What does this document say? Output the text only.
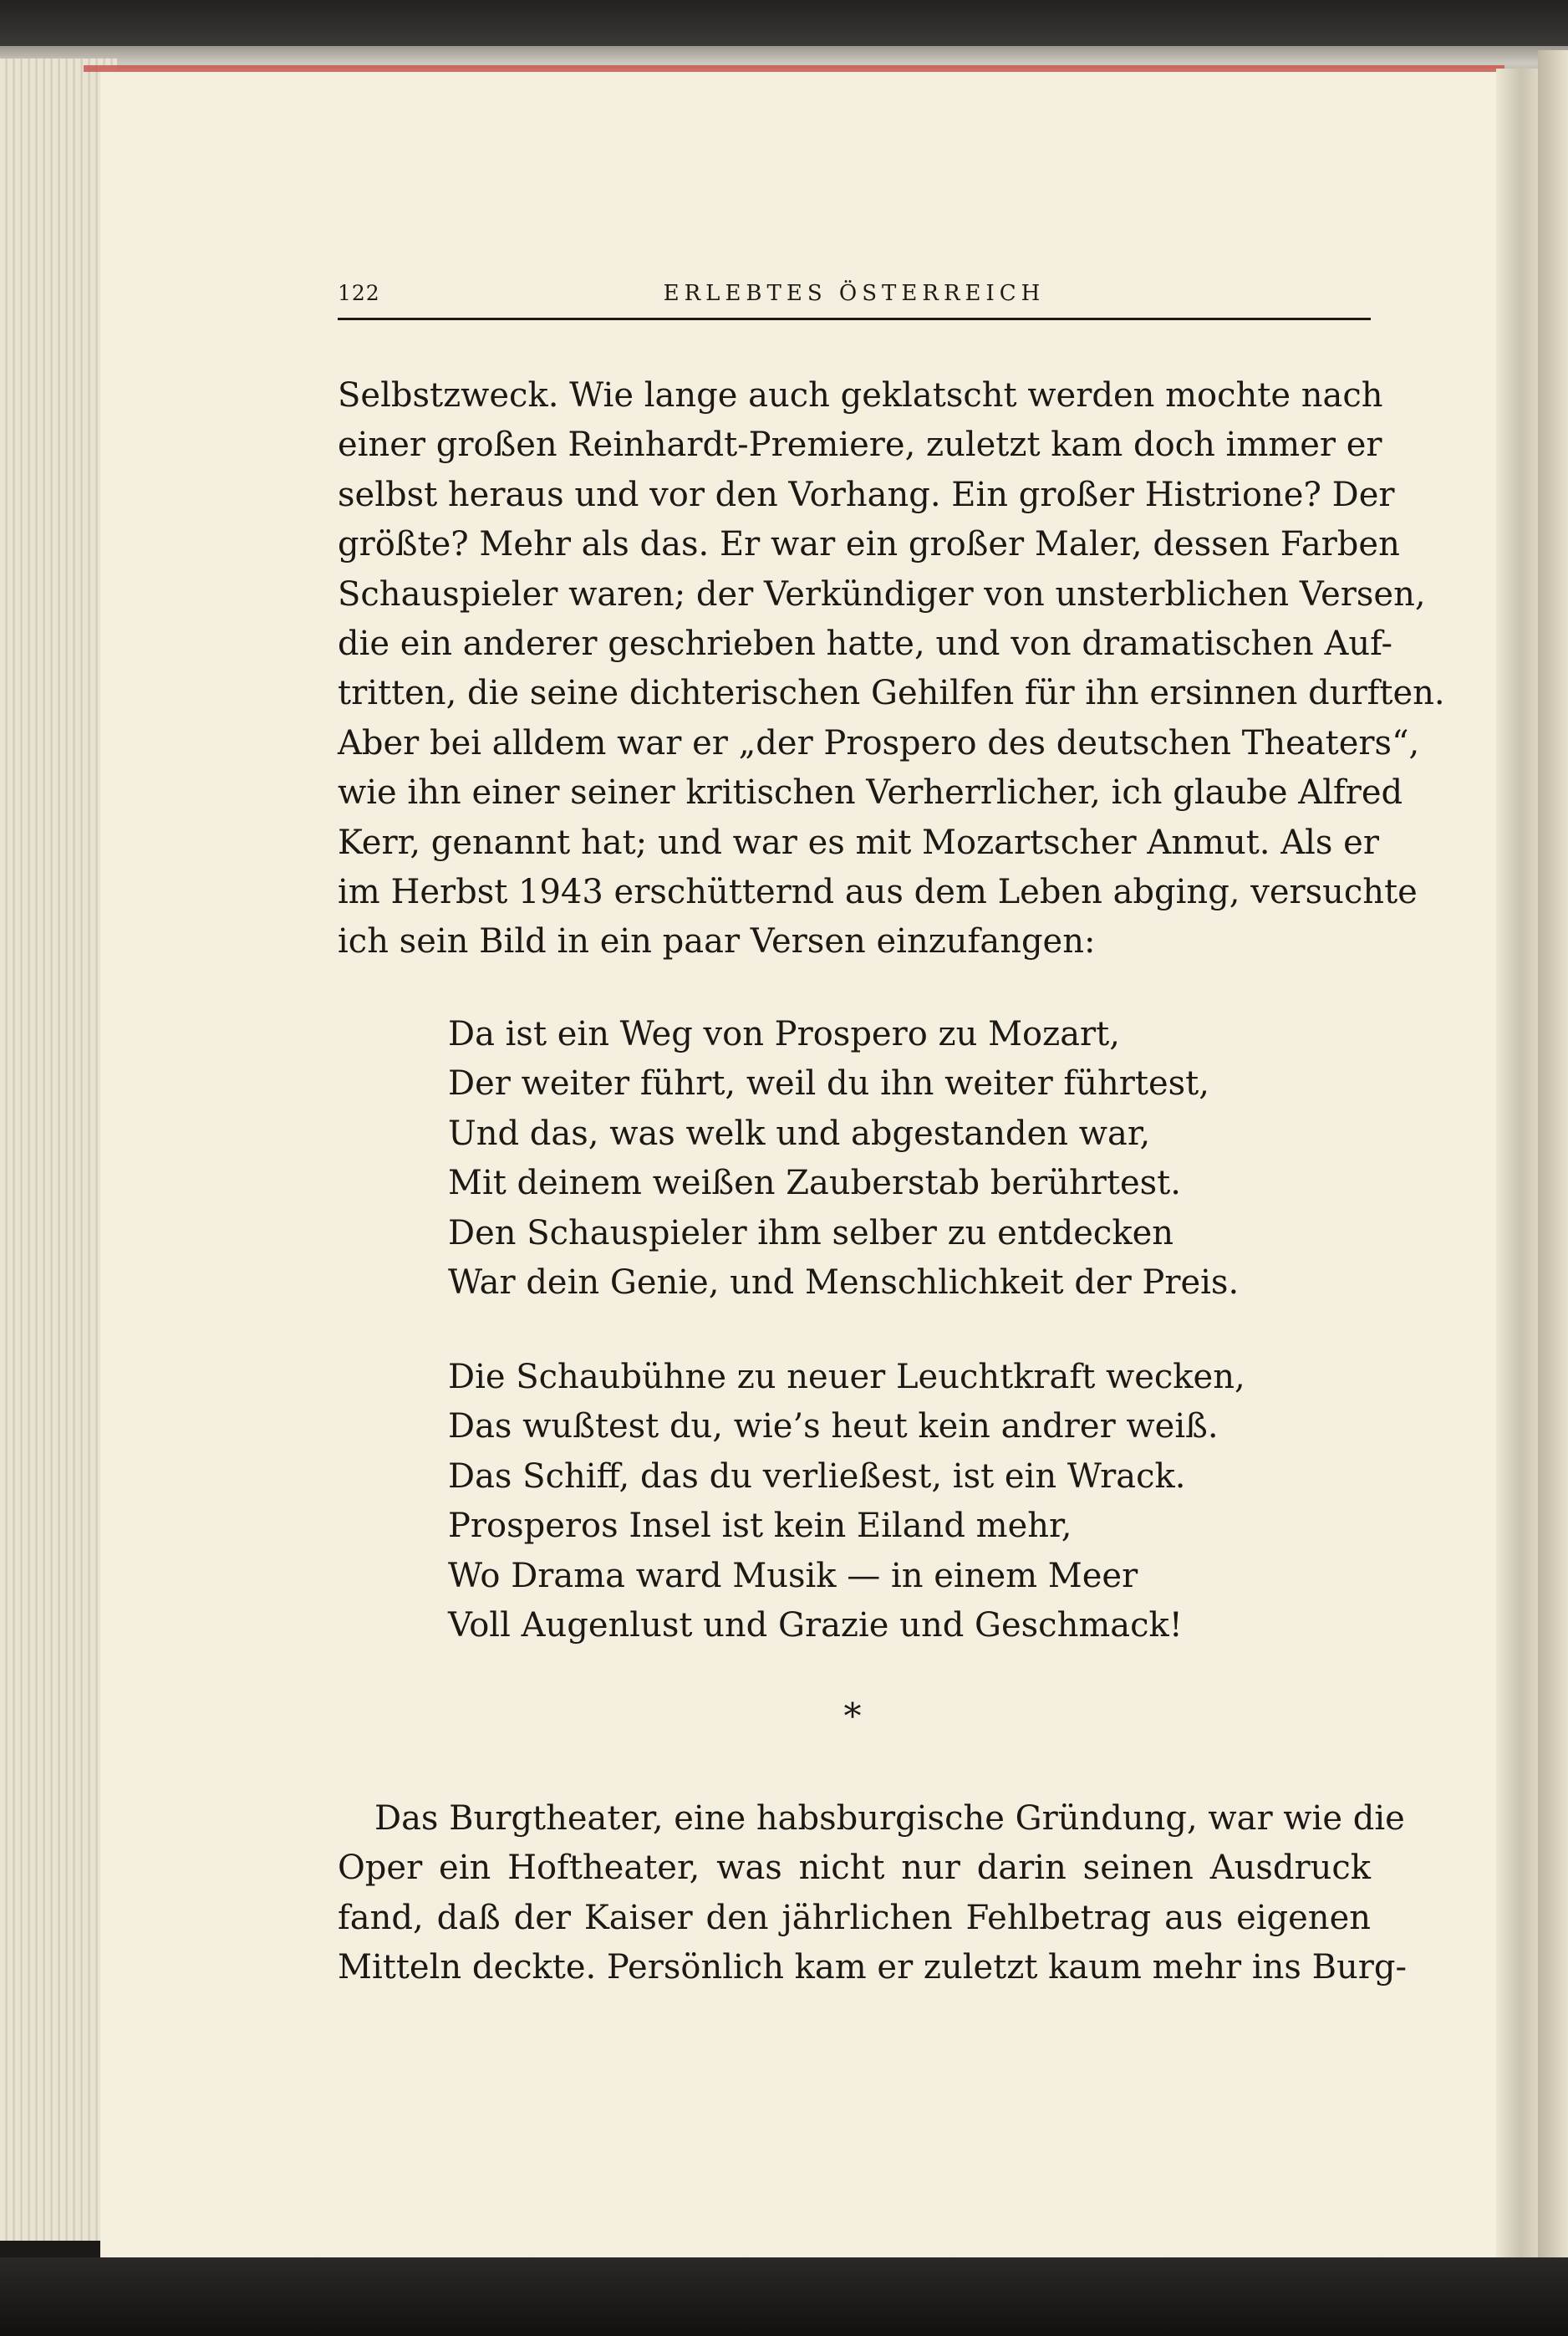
122	ERLEBTES ÖSTERREICH
Selbstzweck. Wie lange auch geklatscht werden mochte nach
einer großen Reinhardt-Premiere, zuletzt kam doch immer er
selbst heraus und vor den Vorhang. Ein großer Histrione? Der
größte? Mehr als das. Er war ein großer Maler, dessen Farben
Schauspieler waren; der Verkündiger von unsterblichen Versen,
die ein anderer geschrieben hatte, und von dramatischen Auf-
tritten, die seine dichterischen Gehilfen für ihn ersinnen durften.
Aber bei alldem war er „der Prospero des deutschen Theaters“,
wie ihn einer seiner kritischen Verherrlicher, ich glaube Alfred
Kerr, genannt hat; und war es mit Mozartscher Anmut. Als er
im Herbst 1943 erschütternd aus dem Leben abging, versuchte
ich sein Bild in ein paar Versen einzufangen:
Da ist ein Weg von Prospero zu Mozart,
Der weiter führt, weil du ihn weiter führtest,
Und das, was welk und abgestanden war,
Mit deinem weißen Zauberstab berührtest.
Den Schauspieler ihm selber zu entdecken
War dein Genie, und Menschlichkeit der Preis.
Die Schaubühne zu neuer Leuchtkraft wecken,
Das wußtest du, wie’s heut kein andrer weiß.
Das Schiff, das du verließest, ist ein Wrack.
Prosperos Insel ist kein Eiland mehr,
Wo Drama ward Musik — in einem Meer
Voll Augenlust und Grazie und Geschmack!
*
Das Burgtheater, eine habsburgische Gründung, war wie die
Oper ein Hoftheater, was nicht nur darin seinen Ausdruck
fand, daß der Kaiser den jährlichen Fehlbetrag aus eigenen
Mitteln deckte. Persönlich kam er zuletzt kaum mehr ins Burg-
